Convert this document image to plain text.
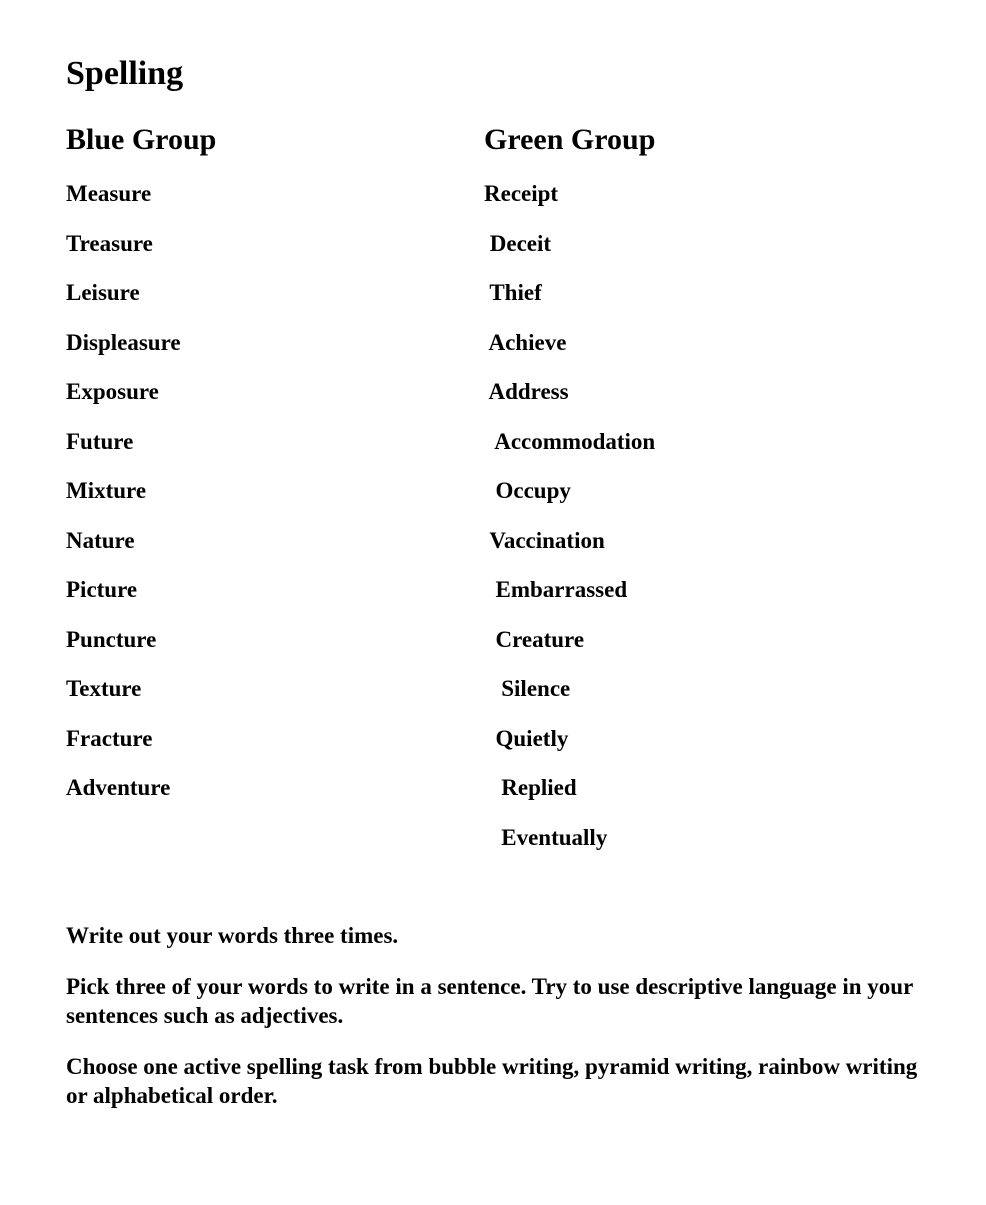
Spelling
Blue Group
Measure
Treasure
Leisure
Displeasure
Exposure
Future
Mixture
Nature
Picture
Puncture
Texture
Fracture
Adventure
Green Group
Receipt
Deceit
Thief
Achieve
Address
Accommodation
Occupy
Vaccination
Embarrassed
Creature
Silence
Quietly
Replied
Eventually

Write out your words three times.

Pick three of your words to write in a sentence. Try to use descriptive language in your sentences such as adjectives.

Choose one active spelling task from bubble writing, pyramid writing, rainbow writing or alphabetical order.
